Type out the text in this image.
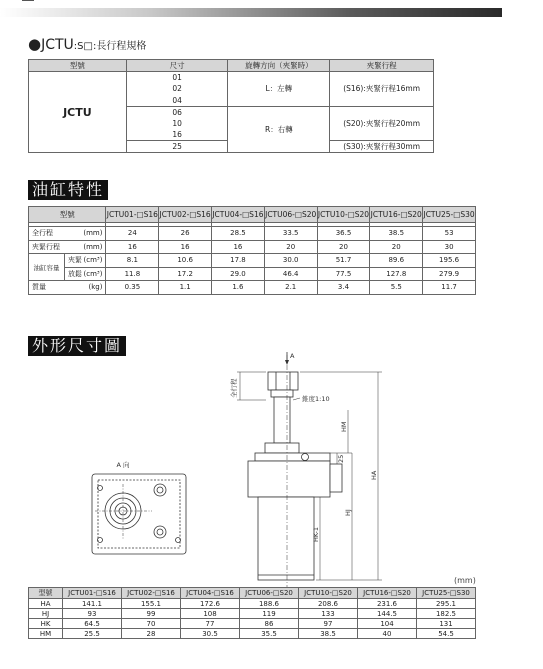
●JCTU:S□:長行程規格
型號	尺寸	旋轉方向（夾緊時）	夾緊行程
JCTU	01	L：左轉	(S16):夾緊行程16mm
	02		
	04		
	06	R：右轉	(S20):夾緊行程20mm
	10		
	16		
	25		(S30):夾緊行程30mm
油缸特性
型號			JCTU01-□S16	JCTU02-□S16	JCTU04-□S16	JCTU06-□S20	JCTU10-□S20	JCTU16-□S20	JCTU25-□S30

全行程		(mm)	24	26	28.5	33.5	36.5	38.5	53
夾緊行程		(mm)	16	16	16	20	20	20	30
油缸容量	夾緊	(cm³)	8.1	10.6	17.8	30.0	51.7	89.6	195.6
	放鬆	(cm³)	11.8	17.2	29.0	46.4	77.5	127.8	279.9
質量		(kg)	0.35	1.1	1.6	2.1	3.4	5.5	11.7
外形尺寸圖
A 向
A
錐度1:10
全行程
HM
HA
HJ
HK-1
25
(mm)
型號	JCTU01-□S16	JCTU02-□S16	JCTU04-□S16	JCTU06-□S20	JCTU10-□S20	JCTU16-□S20	JCTU25-□S30
HA	141.1	155.1	172.6	188.6	208.6	231.6	295.1
HJ	93	99	108	119	133	144.5	182.5
HK	64.5	70	77	86	97	104	131
HM	25.5	28	30.5	35.5	38.5	40	54.5
